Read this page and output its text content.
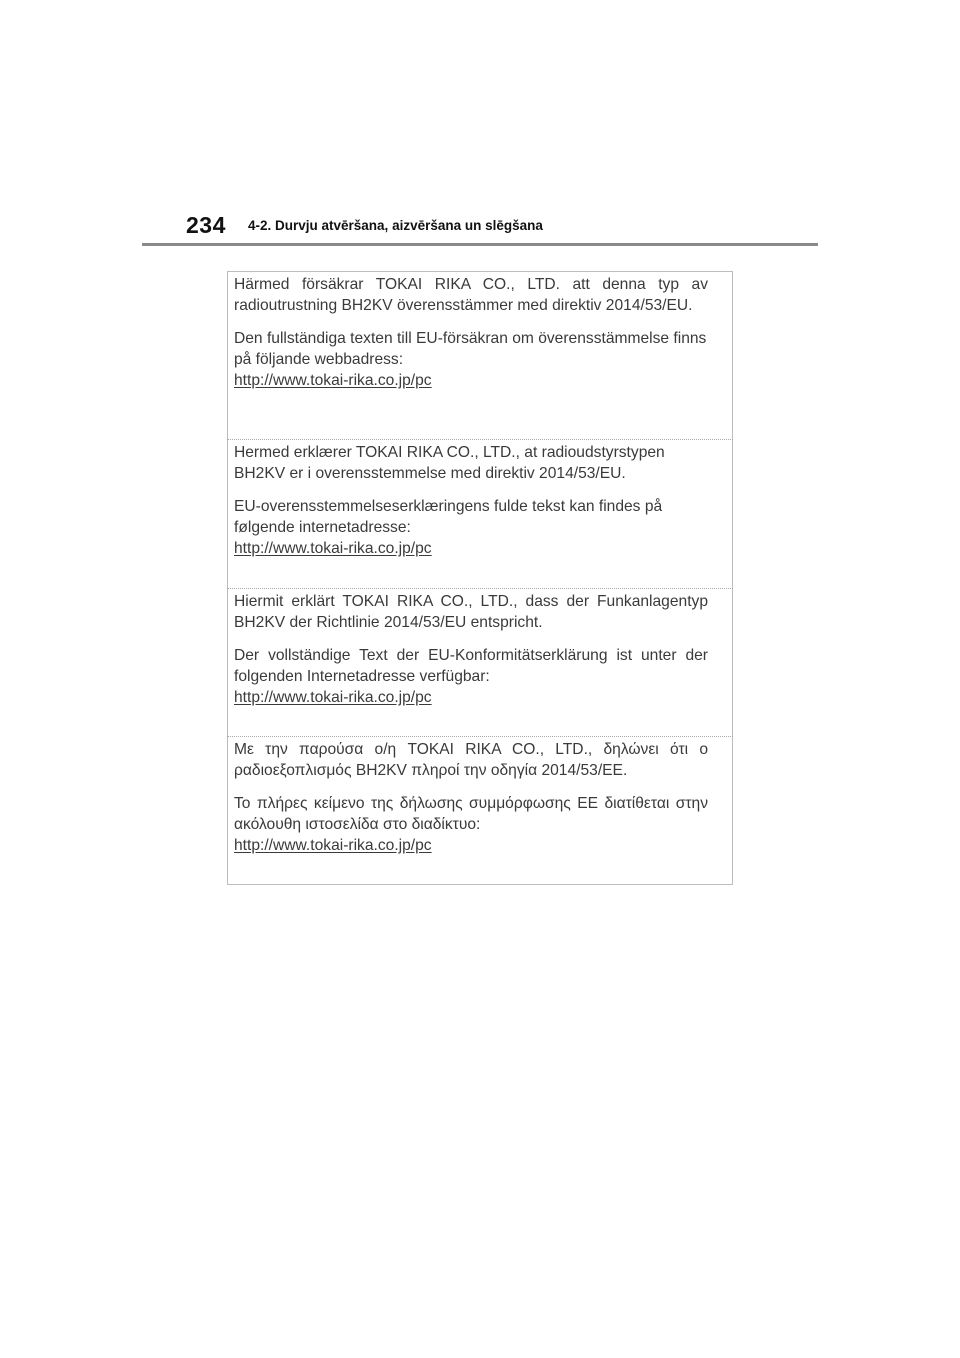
234 4-2. Durvju atvēršana, aizvēršana un slēgšana

Härmed försäkrar TOKAI RIKA CO., LTD. att denna typ av radioutrustning BH2KV överensstämmer med direktiv 2014/53/EU.

Den fullständiga texten till EU-försäkran om överensstämmelse finns på följande webbadress:

http://www.tokai-rika.co.jp/pc

Hermed erklærer TOKAI RIKA CO., LTD., at radioudstyrstypen BH2KV er i overensstemmelse med direktiv 2014/53/EU.

EU-overensstemmelseserklæringens fulde tekst kan findes på følgende internetadresse:

http://www.tokai-rika.co.jp/pc

Hiermit erklärt TOKAI RIKA CO., LTD., dass der Funkanlagentyp BH2KV der Richtlinie 2014/53/EU entspricht.

Der vollständige Text der EU-Konformitätserklärung ist unter der folgenden Internetadresse verfügbar:

http://www.tokai-rika.co.jp/pc

Με την παρούσα ο/η TOKAI RIKA CO., LTD., δηλώνει ότι ο ραδιοεξοπλισμός BH2KV πληροί την οδηγία 2014/53/ΕΕ.

Το πλήρες κείμενο της δήλωσης συμμόρφωσης ΕΕ διατίθεται στην ακόλουθη ιστοσελίδα στο διαδίκτυο:

http://www.tokai-rika.co.jp/pc
